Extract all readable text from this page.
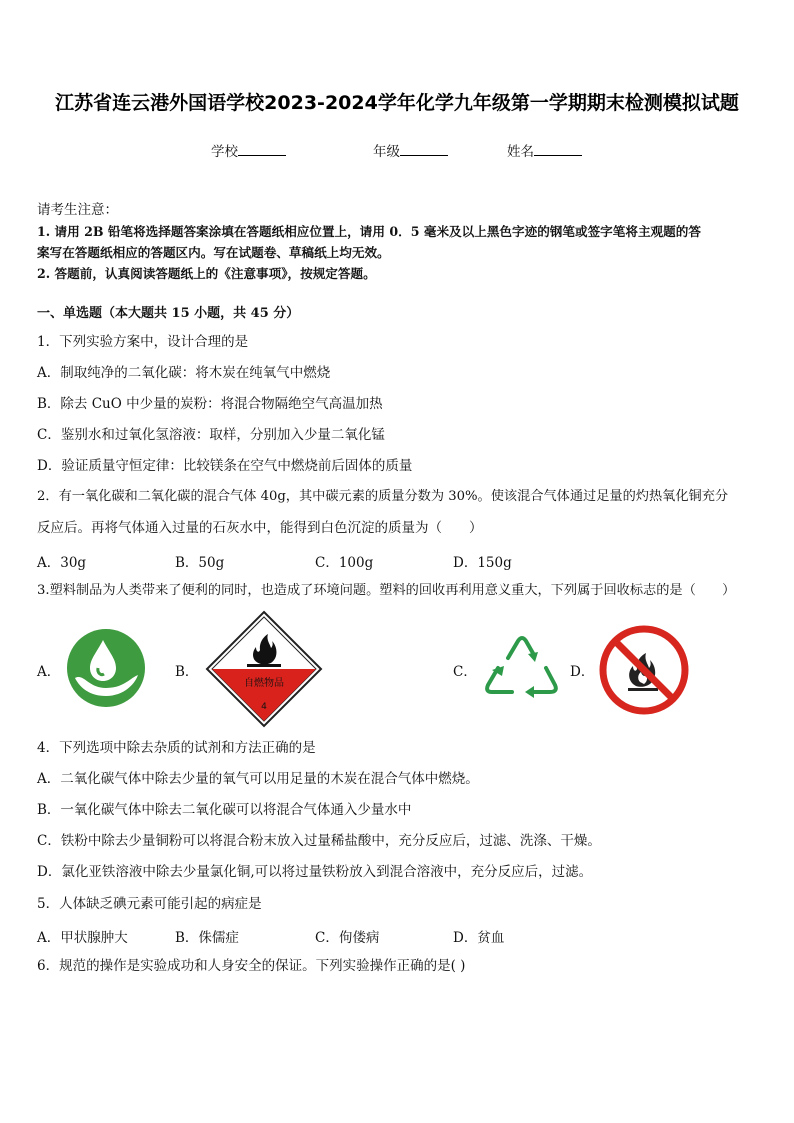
江苏省连云港外国语学校2023-2024学年化学九年级第一学期期末检测模拟试题
学校	年级	姓名
请考生注意：
1. 请用 2B 铅笔将选择题答案涂填在答题纸相应位置上，请用 0．5 毫米及以上黑色字迹的钢笔或签字笔将主观题的答
案写在答题纸相应的答题区内。写在试题卷、草稿纸上均无效。
2. 答题前，认真阅读答题纸上的《注意事项》，按规定答题。
一、单选题（本大题共 15 小题，共 45 分）
1．下列实验方案中，设计合理的是
A．制取纯净的二氧化碳：将木炭在纯氧气中燃烧
B．除去 CuO 中少量的炭粉：将混合物隔绝空气高温加热
C．鉴别水和过氧化氢溶液：取样，分别加入少量二氧化锰
D．验证质量守恒定律：比较镁条在空气中燃烧前后固体的质量
2．有一氧化碳和二氧化碳的混合气体 40g，其中碳元素的质量分数为 30%。使该混合气体通过足量的灼热氧化铜充分
反应后。再将气体通入过量的石灰水中，能得到白色沉淀的质量为（　　）
A．30g	B．50g	C．100g	D．150g
3.塑料制品为人类带来了便利的同时，也造成了环境问题。塑料的回收再利用意义重大，下列属于回收标志的是（　　）
A．	B．
自燃物品
4
C．	D．
4．下列选项中除去杂质的试剂和方法正确的是
A．二氧化碳气体中除去少量的氧气可以用足量的木炭在混合气体中燃烧。
B．一氧化碳气体中除去二氧化碳可以将混合气体通入少量水中
C．铁粉中除去少量铜粉可以将混合粉末放入过量稀盐酸中，充分反应后，过滤、洗涤、干燥。
D．氯化亚铁溶液中除去少量氯化铜,可以将过量铁粉放入到混合溶液中，充分反应后，过滤。
5．人体缺乏碘元素可能引起的病症是
A．甲状腺肿大	B．侏儒症	C．佝偻病	D．贫血
6．规范的操作是实验成功和人身安全的保证。下列实验操作正确的是( )
